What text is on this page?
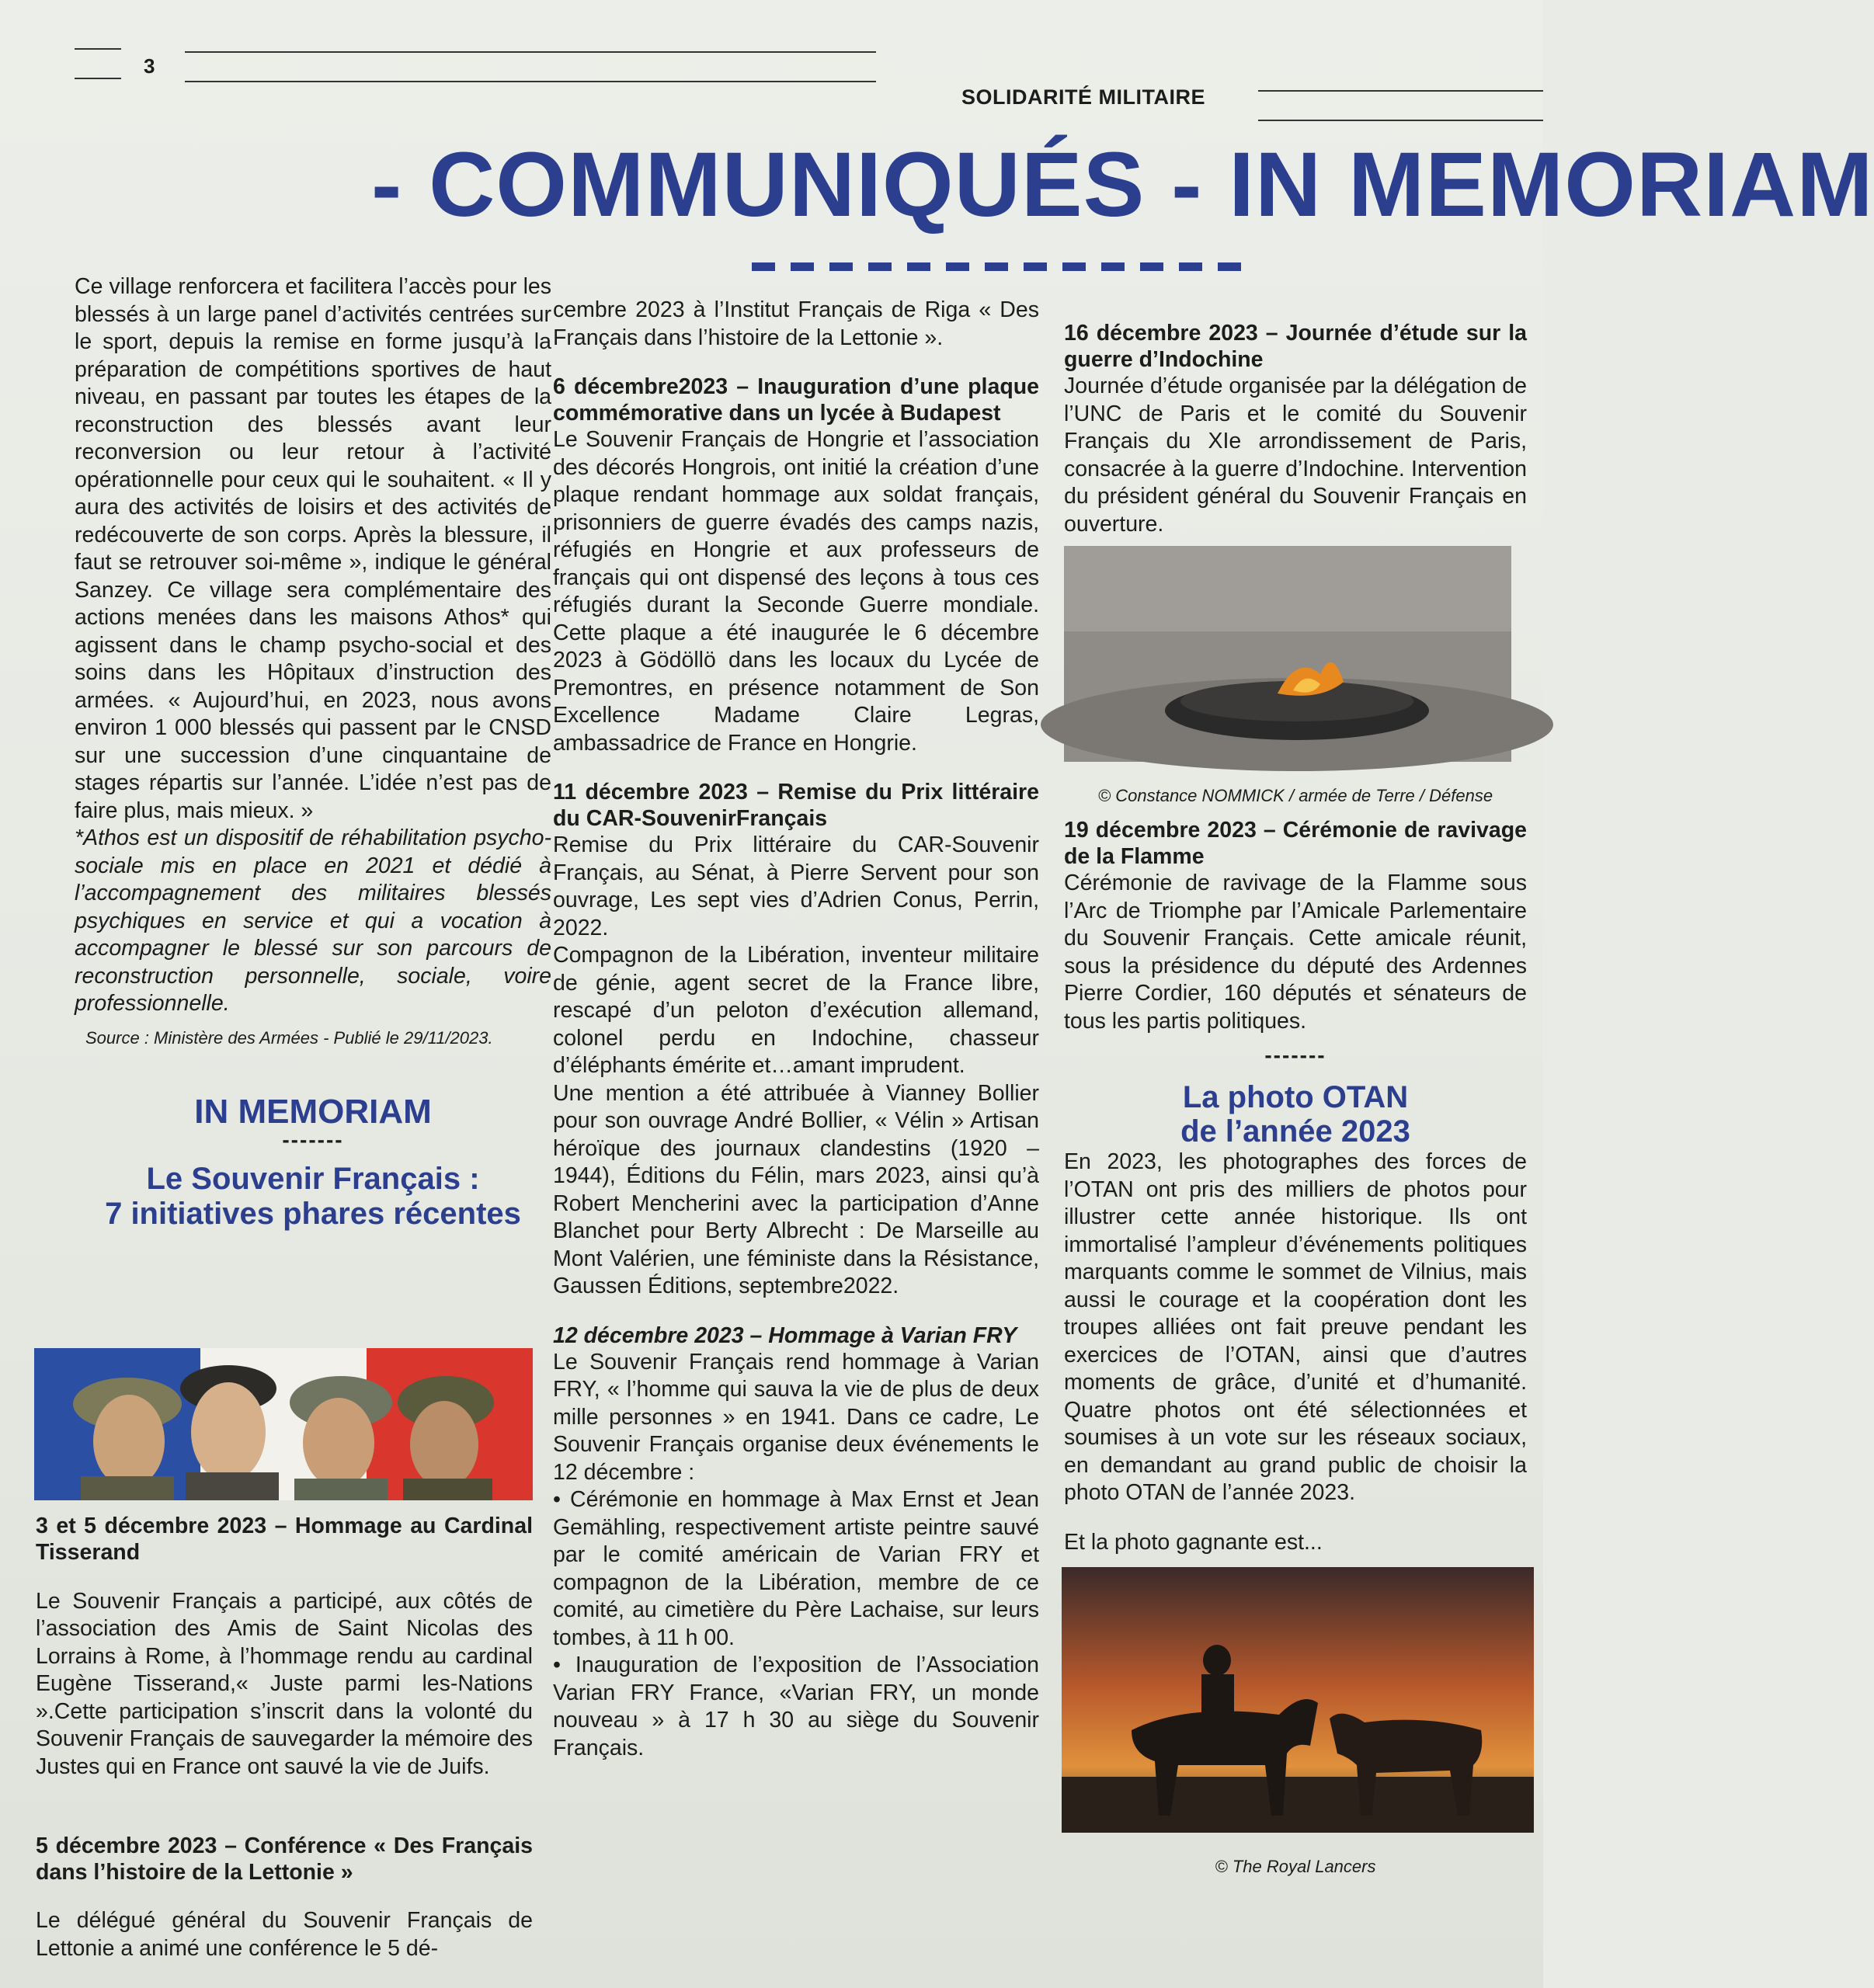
3
SOLIDARITÉ MILITAIRE
- COMMUNIQUÉS - IN MEMORIAM

Ce village renforcera et facilitera l’accès pour les blessés à un large panel d’activités centrées sur le sport, depuis la remise en forme jusqu’à la préparation de compétitions sportives de haut niveau, en passant par toutes les étapes de la reconstruction des blessés avant leur reconversion ou leur retour à l’activité opérationnelle pour ceux qui le souhaitent. « Il y aura des activités de loisirs et des activités de redécouverte de son corps. Après la blessure, il faut se retrouver soi-même », indique le général Sanzey. Ce village sera complémentaire des actions menées dans les maisons Athos* qui agissent dans le champ psycho-social et des soins dans les Hôpitaux d’instruction des armées. « Aujourd’hui, en 2023, nous avons environ 1 000 blessés qui passent par le CNSD sur une succession d’une cinquantaine de stages répartis sur l’année. L’idée n’est pas de faire plus, mais mieux. »

*Athos est un dispositif de réhabilitation psycho-sociale mis en place en 2021 et dédié à l’accompagnement des militaires blessés psychiques en service et qui a vocation à accompagner le blessé sur son parcours de reconstruction personnelle, sociale, voire professionnelle.

Source : Ministère des Armées - Publié le 29/11/2023.
IN MEMORIAM
-------
Le Souvenir Français :
7 initiatives phares récentes
3 et 5 décembre 2023 – Hommage au Cardinal Tisserand

Le Souvenir Français a participé, aux côtés de l’association des Amis de Saint Nicolas des Lorrains à Rome, à l’hommage rendu au cardinal Eugène Tisserand,« Juste parmi les-Nations ».Cette participation s’inscrit dans la volonté du Souvenir Français de sauvegarder la mémoire des Justes qui en France ont sauvé la vie de Juifs.

5 décembre 2023 – Conférence « Des Français dans l’histoire de la Lettonie »

Le délégué général du Souvenir Français de Lettonie a animé une conférence le 5 dé-

cembre 2023 à l’Institut Français de Riga « Des Français dans l’histoire de la Lettonie ».

6 décembre2023 – Inauguration d’une plaque commémorative dans un lycée à Budapest

Le Souvenir Français de Hongrie et l’association des décorés Hongrois, ont initié la création d’une plaque rendant hommage aux soldat français, prisonniers de guerre évadés des camps nazis, réfugiés en Hongrie et aux professeurs de français qui ont dispensé des leçons à tous ces réfugiés durant la Seconde Guerre mondiale. Cette plaque a été inaugurée le 6 décembre 2023 à Gödöllö dans les locaux du Lycée de Premontres, en présence notamment de Son Excellence Madame Claire Legras, ambassadrice de France en Hongrie.

11 décembre 2023 – Remise du Prix littéraire du CAR-SouvenirFrançais

Remise du Prix littéraire du CAR-Souvenir Français, au Sénat, à Pierre Servent pour son ouvrage, Les sept vies d’Adrien Conus, Perrin, 2022.

Compagnon de la Libération, inventeur militaire de génie, agent secret de la France libre, rescapé d’un peloton d’exécution allemand, colonel perdu en Indochine, chasseur d’éléphants émérite et…amant imprudent.

Une mention a été attribuée à Vianney Bollier pour son ouvrage André Bollier, « Vélin » Artisan héroïque des journaux clandestins (1920 – 1944), Éditions du Félin, mars 2023, ainsi qu’à Robert Mencherini avec la participation d’Anne Blanchet pour Berty Albrecht : De Marseille au Mont Valérien, une féministe dans la Résistance, Gaussen Éditions, septembre2022.

12 décembre 2023 – Hommage à Varian FRY

Le Souvenir Français rend hommage à Varian FRY, « l’homme qui sauva la vie de plus de deux mille personnes » en 1941. Dans ce cadre, Le Souvenir Français organise deux événements le 12 décembre :

• Cérémonie en hommage à Max Ernst et Jean Gemähling, respectivement artiste peintre sauvé par le comité américain de Varian FRY et compagnon de la Libération, membre de ce comité, au cimetière du Père Lachaise, sur leurs tombes, à 11 h 00.

• Inauguration de l’exposition de l’Association Varian FRY France, «Varian FRY, un monde nouveau » à 17 h 30 au siège du Souvenir Français.

16 décembre 2023 – Journée d’étude sur la guerre d’Indochine

Journée d’étude organisée par la délégation de l’UNC de Paris et le comité du Souvenir Français du XIe arrondissement de Paris, consacrée à la guerre d’Indochine. Intervention du président général du Souvenir Français en ouverture.

© Constance NOMMICK / armée de Terre / Défense
19 décembre 2023 – Cérémonie de ravivage de la Flamme

Cérémonie de ravivage de la Flamme sous l’Arc de Triomphe par l’Amicale Parlementaire du Souvenir Français. Cette amicale réunit, sous la présidence du député des Ardennes Pierre Cordier, 160 députés et sénateurs de tous les partis politiques.

-------
La photo OTAN
de l’année 2023

En 2023, les photographes des forces de l’OTAN ont pris des milliers de photos pour illustrer cette année historique. Ils ont immortalisé l’ampleur d’événements politiques marquants comme le sommet de Vilnius, mais aussi le courage et la coopération dont les troupes alliées ont fait preuve pendant les exercices de l’OTAN, ainsi que d’autres moments de grâce, d’unité et d’humanité. Quatre photos ont été sélectionnées et soumises à un vote sur les réseaux sociaux, en demandant au grand public de choisir la photo OTAN de l’année 2023.

Et la photo gagnante est...

© The Royal Lancers
